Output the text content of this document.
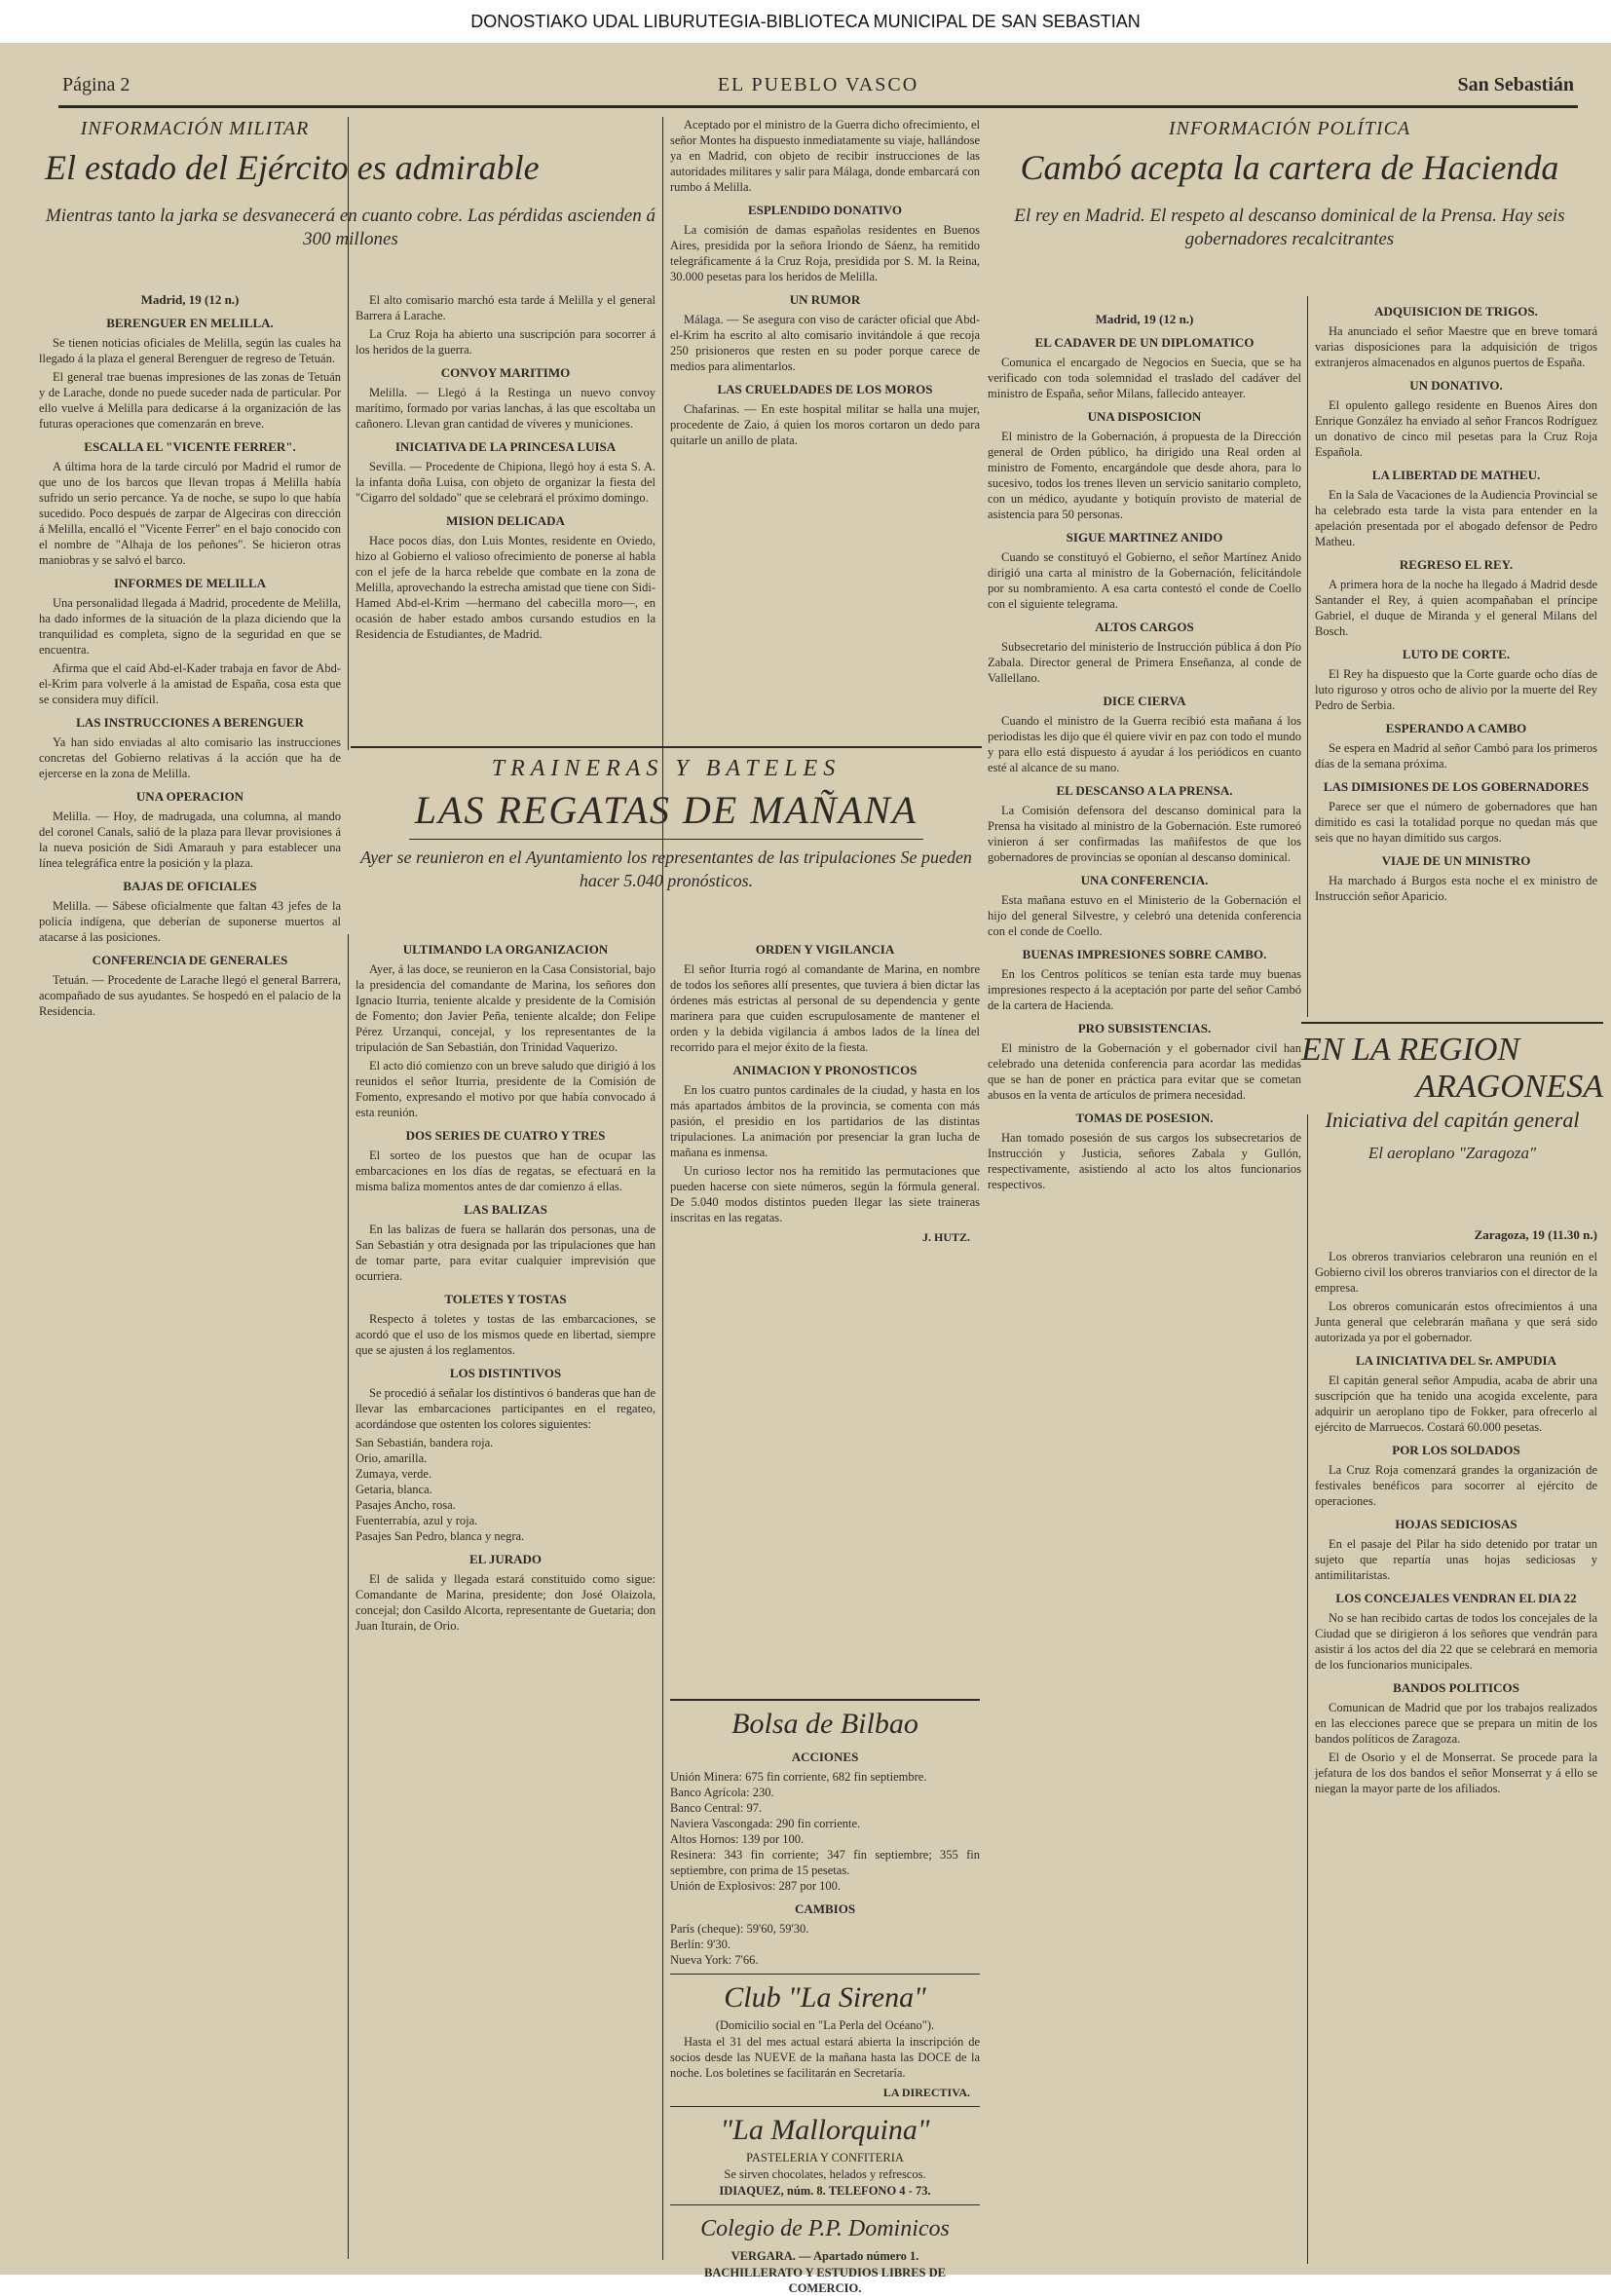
DONOSTIAKO UDAL LIBURUTEGIA-BIBLIOTECA MUNICIPAL DE SAN SEBASTIAN
Página 2	EL PUEBLO VASCO	San Sebastián
INFORMACIÓN MILITAR
El estado del Ejército es admirable
Mientras tanto la jarka se desvanecerá en cuanto cobre. Las pérdidas ascienden á 300 millones
Madrid, 19 (12 n.)
BERENGUER EN MELILLA.

Se tienen noticias oficiales de Melilla, según las cuales ha llegado á la plaza el general Berenguer de regreso de Tetuán.

El general trae buenas impresiones de las zonas de Tetuán y de Larache, donde no puede suceder nada de particular. Por ello vuelve á Melilla para dedicarse á la organización de las futuras operaciones que comenzarán en breve.

ESCALLA EL "VICENTE FERRER".

A última hora de la tarde circuló por Madrid el rumor de que uno de los barcos que llevan tropas á Melilla había sufrido un serio percance. Ya de noche, se supo lo que había sucedido. Poco después de zarpar de Algeciras con dirección á Melilla, encalló el "Vicente Ferrer" en el bajo conocido con el nombre de "Alhaja de los peñones". Se hicieron otras maniobras y se salvó el barco.

INFORMES DE MELILLA

Una personalidad llegada á Madrid, procedente de Melilla, ha dado informes de la situación de la plaza diciendo que la tranquilidad es completa, signo de la seguridad en que se encuentra.

Afirma que el caíd Abd-el-Kader trabaja en favor de Abd-el-Krim para volverle á la amistad de España, cosa esta que se considera muy difícil.

LAS INSTRUCCIONES A BERENGUER

Ya han sido enviadas al alto comisario las instrucciones concretas del Gobierno relativas á la acción que ha de ejercerse en la zona de Melilla.

UNA OPERACION

Melilla. — Hoy, de madrugada, una columna, al mando del coronel Canals, salió de la plaza para llevar provisiones á la nueva posición de Sidi Amarauh y para establecer una línea telegráfica entre la posición y la plaza.

BAJAS DE OFICIALES

Melilla. — Sábese oficialmente que faltan 43 jefes de la policía indígena, que deberían de suponerse muertos al atacarse á las posiciones.

CONFERENCIA DE GENERALES

Tetuán. — Procedente de Larache llegó el general Barrera, acompañado de sus ayudantes. Se hospedó en el palacio de la Residencia.

El alto comisario marchó esta tarde á Melilla y el general Barrera á Larache.

La Cruz Roja ha abierto una suscripción para socorrer á los heridos de la guerra.

CONVOY MARITIMO

Melilla. — Llegó á la Restinga un nuevo convoy marítimo, formado por varias lanchas, á las que escoltaba un cañonero. Llevan gran cantidad de víveres y municiones.

INICIATIVA DE LA PRINCESA LUISA

Sevilla. — Procedente de Chipiona, llegó hoy á esta S. A. la infanta doña Luisa, con objeto de organizar la fiesta del "Cigarro del soldado" que se celebrará el próximo domingo.

MISION DELICADA

Hace pocos días, don Luis Montes, residente en Oviedo, hizo al Gobierno el valioso ofrecimiento de ponerse al habla con el jefe de la harca rebelde que combate en la zona de Melilla, aprovechando la estrecha amistad que tiene con Sidi-Hamed Abd-el-Krim —hermano del cabecilla moro—, en ocasión de haber estado ambos cursando estudios en la Residencia de Estudiantes, de Madrid.

Aceptado por el ministro de la Guerra dicho ofrecimiento, el señor Montes ha dispuesto inmediatamente su viaje, hallándose ya en Madrid, con objeto de recibir instrucciones de las autoridades militares y salir para Málaga, donde embarcará con rumbo á Melilla.

ESPLENDIDO DONATIVO

La comisión de damas españolas residentes en Buenos Aires, presidida por la señora Iriondo de Sáenz, ha remitido telegráficamente á la Cruz Roja, presidida por S. M. la Reina, 30.000 pesetas para los heridos de Melilla.

UN RUMOR

Málaga. — Se asegura con viso de carácter oficial que Abd-el-Krim ha escrito al alto comisario invitándole á que recoja 250 prisioneros que resten en su poder porque carece de medios para alimentarlos.

LAS CRUELDADES DE LOS MOROS

Chafarinas. — En este hospital militar se halla una mujer, procedente de Zaio, á quien los moros cortaron un dedo para quitarle un anillo de plata.

TRAINERAS Y BATELES
LAS REGATAS DE MAÑANA
Ayer se reunieron en el Ayuntamiento los representantes de las tripulaciones Se pueden hacer 5.040 pronósticos.
ULTIMANDO LA ORGANIZACION

Ayer, á las doce, se reunieron en la Casa Consistorial, bajo la presidencia del comandante de Marina, los señores don Ignacio Iturria, teniente alcalde y presidente de la Comisión de Fomento; don Javier Peña, teniente alcalde; don Felipe Pérez Urzanqui, concejal, y los representantes de la tripulación de San Sebastián, don Trinidad Vaquerizo.

El acto dió comienzo con un breve saludo que dirigió á los reunidos el señor Iturria, presidente de la Comisión de Fomento, expresando el motivo por que había convocado á esta reunión.

DOS SERIES DE CUATRO Y TRES

El sorteo de los puestos que han de ocupar las embarcaciones en los días de regatas, se efectuará en la misma baliza momentos antes de dar comienzo á ellas.

LAS BALIZAS

En las balizas de fuera se hallarán dos personas, una de San Sebastián y otra designada por las tripulaciones que han de tomar parte, para evitar cualquier imprevisión que ocurriera.

TOLETES Y TOSTAS

Respecto á toletes y tostas de las embarcaciones, se acordó que el uso de los mismos quede en libertad, siempre que se ajusten á los reglamentos.

LOS DISTINTIVOS

Se procedió á señalar los distintivos ó banderas que han de llevar las embarcaciones participantes en el regateo, acordándose que ostenten los colores siguientes:

San Sebastián, bandera roja.
Orio, amarilla.
Zumaya, verde.
Getaria, blanca.
Pasajes Ancho, rosa.
Fuenterrabía, azul y roja.
Pasajes San Pedro, blanca y negra.
EL JURADO

El de salida y llegada estará constituido como sigue: Comandante de Marina, presidente; don José Olaizola, concejal; don Casildo Alcorta, representante de Guetaria; don Juan Iturain, de Orio.

ORDEN Y VIGILANCIA

El señor Iturria rogó al comandante de Marina, en nombre de todos los señores allí presentes, que tuviera á bien dictar las órdenes más estrictas al personal de su dependencia y gente marinera para que cuiden escrupulosamente de mantener el orden y la debida vigilancia á ambos lados de la línea del recorrido para el mejor éxito de la fiesta.

ANIMACION Y PRONOSTICOS

En los cuatro puntos cardinales de la ciudad, y hasta en los más apartados ámbitos de la provincia, se comenta con más pasión, el presidio en los partidarios de las distintas tripulaciones. La animación por presenciar la gran lucha de mañana es inmensa.

Un curioso lector nos ha remitido las permutaciones que pueden hacerse con siete números, según la fórmula general. De 5.040 modos distintos pueden llegar las siete traineras inscritas en las regatas.

J. HUTZ.
Bolsa de Bilbao
ACCIONES
Unión Minera: 675 fin corriente, 682 fin septiembre.
Banco Agrícola: 230.
Banco Central: 97.
Naviera Vascongada: 290 fin corriente.
Altos Hornos: 139 por 100.
Resinera: 343 fin corriente; 347 fin septiembre; 355 fin septiembre, con prima de 15 pesetas.
Unión de Explosivos: 287 por 100.
CAMBIOS
París (cheque): 59'60, 59'30.
Berlín: 9'30.
Nueva York: 7'66.
Club "La Sirena"
(Domicilio social en "La Perla del Océano").

Hasta el 31 del mes actual estará abierta la inscripción de socios desde las NUEVE de la mañana hasta las DOCE de la noche. Los boletines se facilitarán en Secretaría.

LA DIRECTIVA.
"La Mallorquina"
PASTELERIA Y CONFITERIA
Se sirven chocolates, helados y refrescos.
IDIAQUEZ, núm. 8. TELEFONO 4 - 73.
Colegio de P.P. Dominicos
VERGARA. — Apartado número 1.
BACHILLERATO Y ESTUDIOS LIBRES DE COMERCIO.
INFORMACIÓN POLÍTICA
Cambó acepta la cartera de Hacienda
El rey en Madrid. El respeto al descanso dominical de la Prensa. Hay seis gobernadores recalcitrantes
Madrid, 19 (12 n.)
EL CADAVER DE UN DIPLOMATICO

Comunica el encargado de Negocios en Suecia, que se ha verificado con toda solemnidad el traslado del cadáver del ministro de España, señor Milans, fallecido anteayer.

UNA DISPOSICION

El ministro de la Gobernación, á propuesta de la Dirección general de Orden público, ha dirigido una Real orden al ministro de Fomento, encargándole que desde ahora, para lo sucesivo, todos los trenes lleven un servicio sanitario completo, con un médico, ayudante y botiquín provisto de material de asistencia para 50 personas.

SIGUE MARTINEZ ANIDO

Cuando se constituyó el Gobierno, el señor Martínez Anido dirigió una carta al ministro de la Gobernación, felicitándole por su nombramiento. A esa carta contestó el conde de Coello con el siguiente telegrama.

ALTOS CARGOS

Subsecretario del ministerio de Instrucción pública á don Pío Zabala. Director general de Primera Enseñanza, al conde de Vallellano.

DICE CIERVA

Cuando el ministro de la Guerra recibió esta mañana á los periodistas les dijo que él quiere vivir en paz con todo el mundo y para ello está dispuesto á ayudar á los periódicos en cuanto esté al alcance de su mano.

EL DESCANSO A LA PRENSA.

La Comisión defensora del descanso dominical para la Prensa ha visitado al ministro de la Gobernación. Este rumoreó vinieron á ser confirmadas las mañifestos de que los gobernadores de provincias se oponían al descanso dominical.

UNA CONFERENCIA.

Esta mañana estuvo en el Ministerio de la Gobernación el hijo del general Silvestre, y celebró una detenida conferencia con el conde de Coello.

BUENAS IMPRESIONES SOBRE CAMBO.

En los Centros políticos se tenían esta tarde muy buenas impresiones respecto á la aceptación por parte del señor Cambó de la cartera de Hacienda.

PRO SUBSISTENCIAS.

El ministro de la Gobernación y el gobernador civil han celebrado una detenida conferencia para acordar las medidas que se han de poner en práctica para evitar que se cometan abusos en la venta de artículos de primera necesidad.

TOMAS DE POSESION.

Han tomado posesión de sus cargos los subsecretarios de Instrucción y Justicia, señores Zabala y Gullón, respectivamente, asistiendo al acto los altos funcionarios respectivos.

ADQUISICION DE TRIGOS.

Ha anunciado el señor Maestre que en breve tomará varias disposiciones para la adquisición de trigos extranjeros almacenados en algunos puertos de España.

UN DONATIVO.

El opulento gallego residente en Buenos Aires don Enrique González ha enviado al señor Francos Rodríguez un donativo de cinco mil pesetas para la Cruz Roja Española.

LA LIBERTAD DE MATHEU.

En la Sala de Vacaciones de la Audiencia Provincial se ha celebrado esta tarde la vista para entender en la apelación presentada por el abogado defensor de Pedro Matheu.

REGRESO EL REY.

A primera hora de la noche ha llegado á Madrid desde Santander el Rey, á quien acompañaban el príncipe Gabriel, el duque de Miranda y el general Milans del Bosch.

LUTO DE CORTE.

El Rey ha dispuesto que la Corte guarde ocho días de luto riguroso y otros ocho de alivio por la muerte del Rey Pedro de Serbia.

ESPERANDO A CAMBO

Se espera en Madrid al señor Cambó para los primeros días de la semana próxima.

LAS DIMISIONES DE LOS GOBERNADORES

Parece ser que el número de gobernadores que han dimitido es casi la totalidad porque no quedan más que seis que no hayan dimitido sus cargos.

VIAJE DE UN MINISTRO

Ha marchado á Burgos esta noche el ex ministro de Instrucción señor Aparicio.

EN LA REGION
ARAGONESA
Iniciativa del capitán general
El aeroplano "Zaragoza"
Zaragoza, 19 (11.30 n.)

Los obreros tranviarios celebraron una reunión en el Gobierno civil los obreros tranviarios con el director de la empresa.

Los obreros comunicarán estos ofrecimientos á una Junta general que celebrarán mañana y que será sido autorizada ya por el gobernador.

LA INICIATIVA DEL Sr. AMPUDIA

El capitán general señor Ampudia, acaba de abrir una suscripción que ha tenido una acogida excelente, para adquirir un aeroplano tipo de Fokker, para ofrecerlo al ejército de Marruecos. Costará 60.000 pesetas.

POR LOS SOLDADOS

La Cruz Roja comenzará grandes la organización de festivales benéficos para socorrer al ejército de operaciones.

HOJAS SEDICIOSAS

En el pasaje del Pilar ha sido detenido por tratar un sujeto que repartía unas hojas sediciosas y antimilitaristas.

LOS CONCEJALES VENDRAN EL DIA 22

No se han recibido cartas de todos los concejales de la Ciudad que se dirigieron á los señores que vendrán para asistir á los actos del día 22 que se celebrará en memoria de los funcionarios municipales.

BANDOS POLITICOS

Comunican de Madrid que por los trabajos realizados en las elecciones parece que se prepara un mitin de los bandos políticos de Zaragoza.

El de Osorio y el de Monserrat. Se procede para la jefatura de los dos bandos el señor Monserrat y á ello se niegan la mayor parte de los afiliados.
